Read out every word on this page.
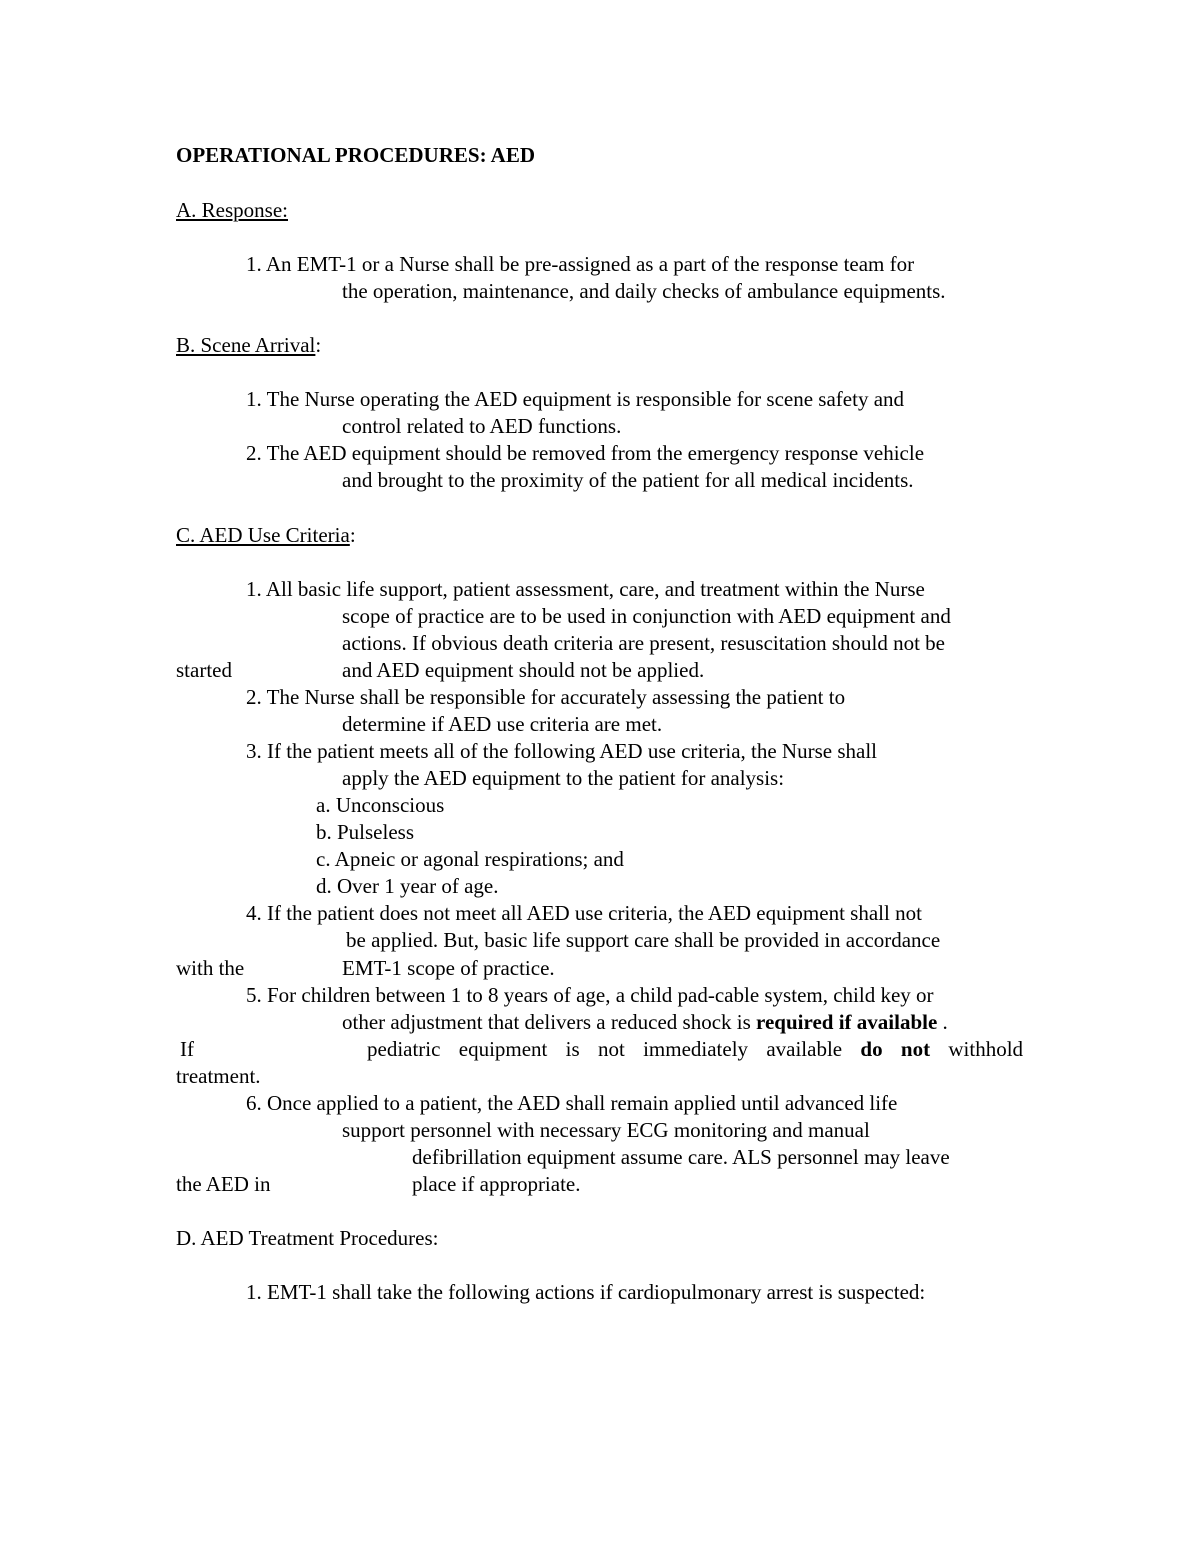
OPERATIONAL PROCEDURES: AED
A. Response:
1. An EMT-1 or a Nurse shall be pre-assigned as a part of the response team for
the operation, maintenance, and daily checks of ambulance equipments.
B. Scene Arrival:
1. The Nurse operating the AED equipment is responsible for scene safety and
control related to AED functions.
2. The AED equipment should be removed from the emergency response vehicle
and brought to the proximity of the patient for all medical incidents.
C. AED Use Criteria:
1. All basic life support, patient assessment, care, and treatment within the Nurse
scope of practice are to be used in conjunction with AED equipment and
actions. If obvious death criteria are present, resuscitation should not be
started	and AED equipment should not be applied.
2. The Nurse shall be responsible for accurately assessing the patient to
determine if AED use criteria are met.
3. If the patient meets all of the following AED use criteria, the Nurse shall
apply the AED equipment to the patient for analysis:
a. Unconscious
b. Pulseless
c. Apneic or agonal respirations; and
d. Over 1 year of age.
4. If the patient does not meet all AED use criteria, the AED equipment shall not
be applied. But, basic life support care shall be provided in accordance
with the	EMT-1 scope of practice.
5. For children between 1 to 8 years of age, a child pad-cable system, child key or
other adjustment that delivers a reduced shock is required if available .
If	pediatric equipment is not immediately available do not withhold
treatment.
6. Once applied to a patient, the AED shall remain applied until advanced life
support personnel with necessary ECG monitoring and manual
defibrillation equipment assume care. ALS personnel may leave
the AED in	place if appropriate.
D. AED Treatment Procedures:
1. EMT-1 shall take the following actions if cardiopulmonary arrest is suspected:
